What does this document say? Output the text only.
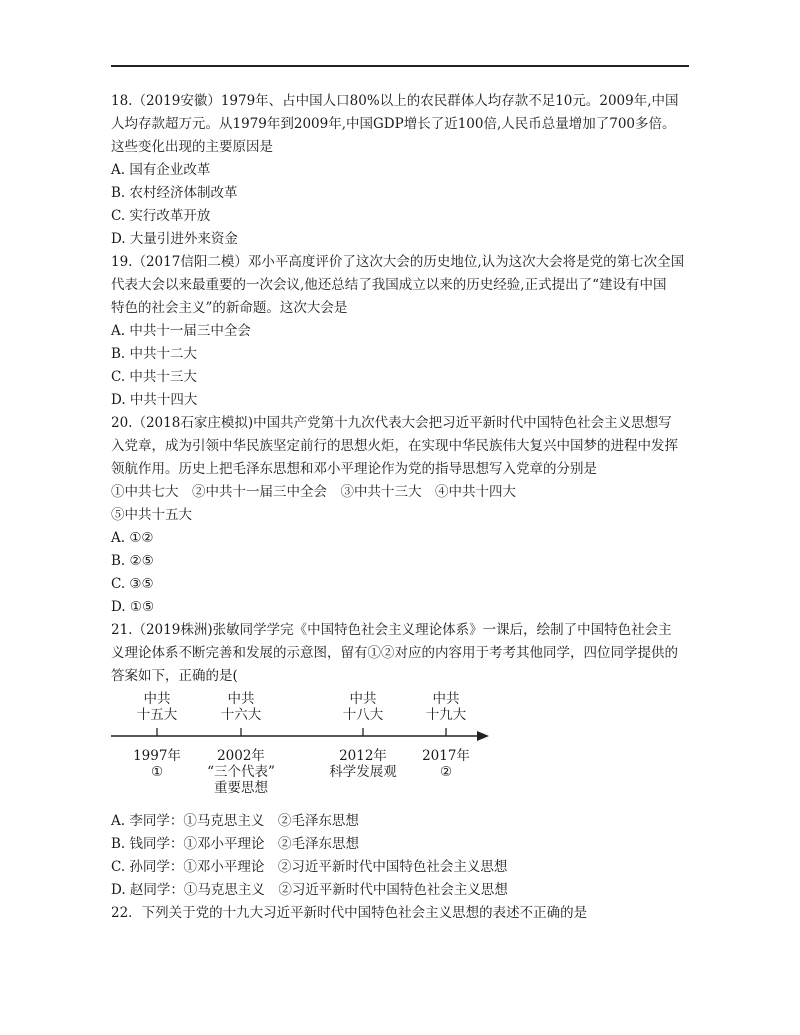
18.（2019安徽）1979年、占中国人口80%以上的农民群体人均存款不足10元。2009年,中国
人均存款超万元。从1979年到2009年,中国GDP增长了近100倍,人民币总量增加了700多倍。
这些变化出现的主要原因是
A. 国有企业改革
B. 农村经济体制改革
C. 实行改革开放
D. 大量引进外来资金
19.（2017信阳二模）邓小平高度评价了这次大会的历史地位,认为这次大会将是党的第七次全国
代表大会以来最重要的一次会议,他还总结了我国成立以来的历史经验,正式提出了“建设有中国
特色的社会主义”的新命题。这次大会是
A. 中共十一届三中全会
B. 中共十二大
C. 中共十三大
D. 中共十四大
20.（2018石家庄模拟)中国共产党第十九次代表大会把习近平新时代中国特色社会主义思想写
入党章，成为引领中华民族坚定前行的思想火炬，在实现中华民族伟大复兴中国梦的进程中发挥
领航作用。历史上把毛泽东思想和邓小平理论作为党的指导思想写入党章的分别是
①中共七大　②中共十一届三中全会　③中共十三大　④中共十四大
⑤中共十五大
A. ①②
B. ②⑤
C. ③⑤
D. ①⑤
21.（2019株洲)张敏同学学完《中国特色社会主义理论体系》一课后，绘制了中国特色社会主
义理论体系不断完善和发展的示意图，留有①②对应的内容用于考考其他同学，四位同学提供的
答案如下，正确的是(
中共
十五大
中共
十六大
中共
十八大
中共
十九大
1997年
①
2002年
“三个代表”
重要思想
2012年
科学发展观
2017年
②
A. 李同学：①马克思主义　②毛泽东思想
B. 钱同学：①邓小平理论　②毛泽东思想
C. 孙同学：①邓小平理论　②习近平新时代中国特色社会主义思想
D. 赵同学：①马克思主义　②习近平新时代中国特色社会主义思想
22．下列关于党的十九大习近平新时代中国特色社会主义思想的表述不正确的是
